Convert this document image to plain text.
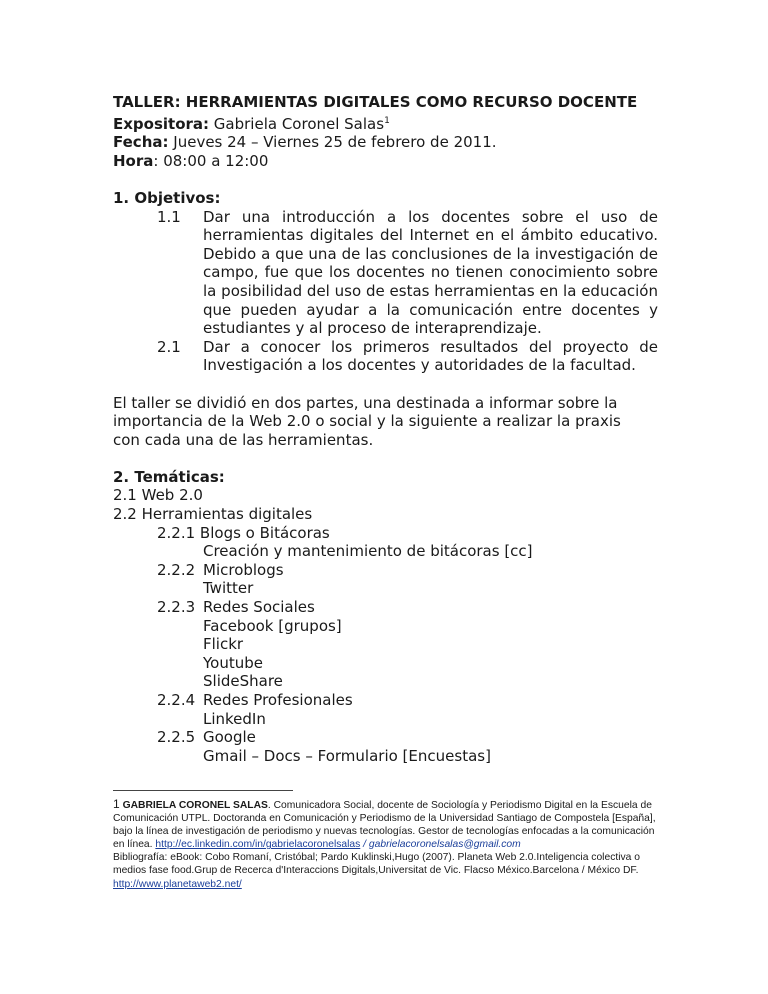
TALLER: HERRAMIENTAS DIGITALES COMO RECURSO DOCENTE
Expositora: Gabriela Coronel Salas$^1$
Fecha: Jueves 24 – Viernes 25 de febrero de 2011.
Hora: 08:00 a 12:00
1. Objetivos:
1.1	Dar una introducción a los docentes sobre el uso de herramientas digitales del Internet en el ámbito educativo. Debido a que una de las conclusiones de la investigación de campo, fue que los docentes no tienen conocimiento sobre la posibilidad del uso de estas herramientas en la educación que pueden ayudar a la comunicación entre docentes y estudiantes y al proceso de interaprendizaje.
2.1	Dar a conocer los primeros resultados del proyecto de Investigación a los docentes y autoridades de la facultad.
El taller se dividió en dos partes, una destinada a informar sobre la importancia de la Web 2.0 o social y la siguiente a realizar la praxis con cada una de las herramientas.
2. Temáticas:
2.1 Web 2.0
2.2 Herramientas digitales
2.2.1 Blogs o Bitácoras
Creación y mantenimiento de bitácoras [cc]
2.2.2 Microblogs
Twitter
2.2.3 Redes Sociales
Facebook [grupos]
Flickr
Youtube
SlideShare
2.2.4 Redes Profesionales
LinkedIn
2.2.5 Google
Gmail – Docs – Formulario [Encuestas]
1 GABRIELA CORONEL SALAS. Comunicadora Social, docente de Sociología y Periodismo Digital en la Escuela de Comunicación UTPL. Doctoranda en Comunicación y Periodismo de la Universidad Santiago de Compostela [España], bajo la línea de investigación de periodismo y nuevas tecnologías. Gestor de tecnologías enfocadas a la comunicación en línea. http://ec.linkedin.com/in/gabrielacoronelsalas / gabrielacoronelsalas@gmail.com
Bibliografía: eBook: Cobo Romaní, Cristóbal; Pardo Kuklinski,Hugo (2007). Planeta Web 2.0.Inteligencia colectiva o medios fase food.Grup de Recerca d'Interaccions Digitals,Universitat de Vic. Flacso México.Barcelona / México DF.
http://www.planetaweb2.net/
